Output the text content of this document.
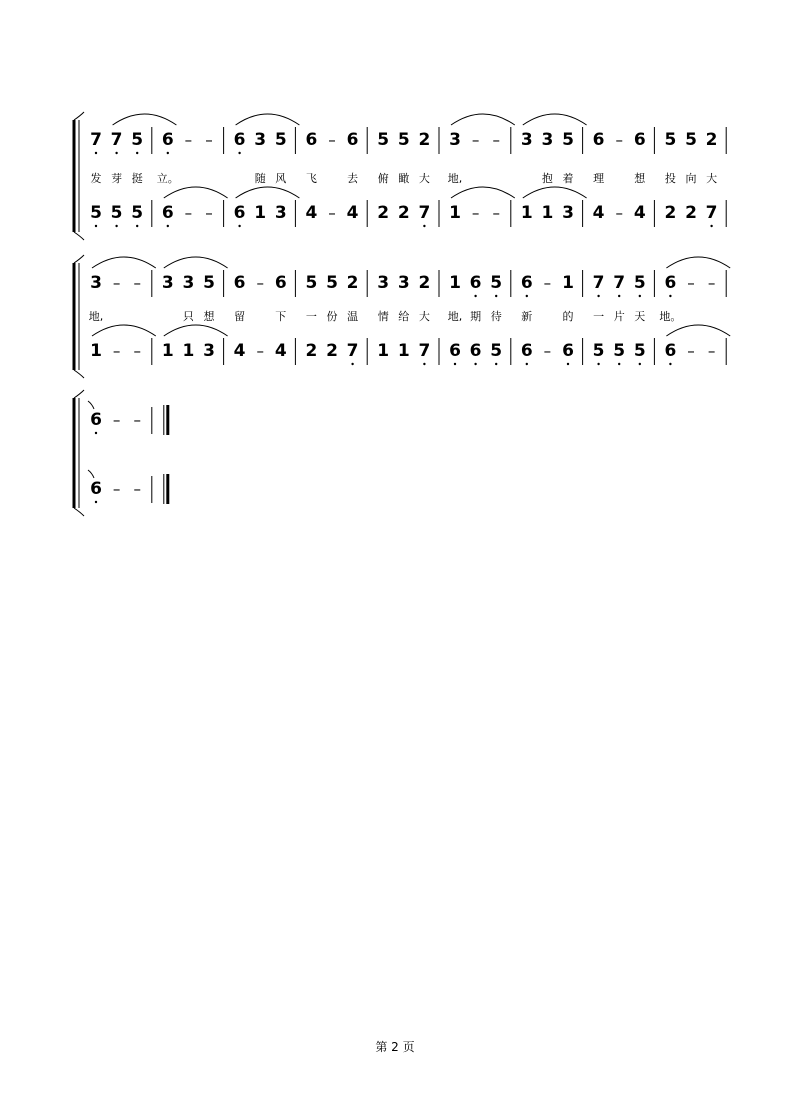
7 7 5 6 – – 6 3 5 6 – 6 5 5 2 3 – – 3 3 5 6 – 6 5 5 2
发 芽 挺 立。	随 风 飞	去 俯 瞰 大 地,	抱 着 理	想 投 向 大
5 5 5 6 – – 6 1 3 4 – 4 2 2 7 1 – – 1 1 3 4 – 4 2 2 7
3 – – 3 3 5 6 – 6 5 5 2 3 3 2 1 6 5 6 – 1 7 7 5 6 – –
地,	只 想 留	下 一 份 温 情 给 大 地, 期 待 新	的 一 片 天 地。
1 – – 1 1 3 4 – 4 2 2 7 1 1 7 6 6 5 6 – 6 5 5 5 6 – –
6 – –
6 – –
第 2 页
